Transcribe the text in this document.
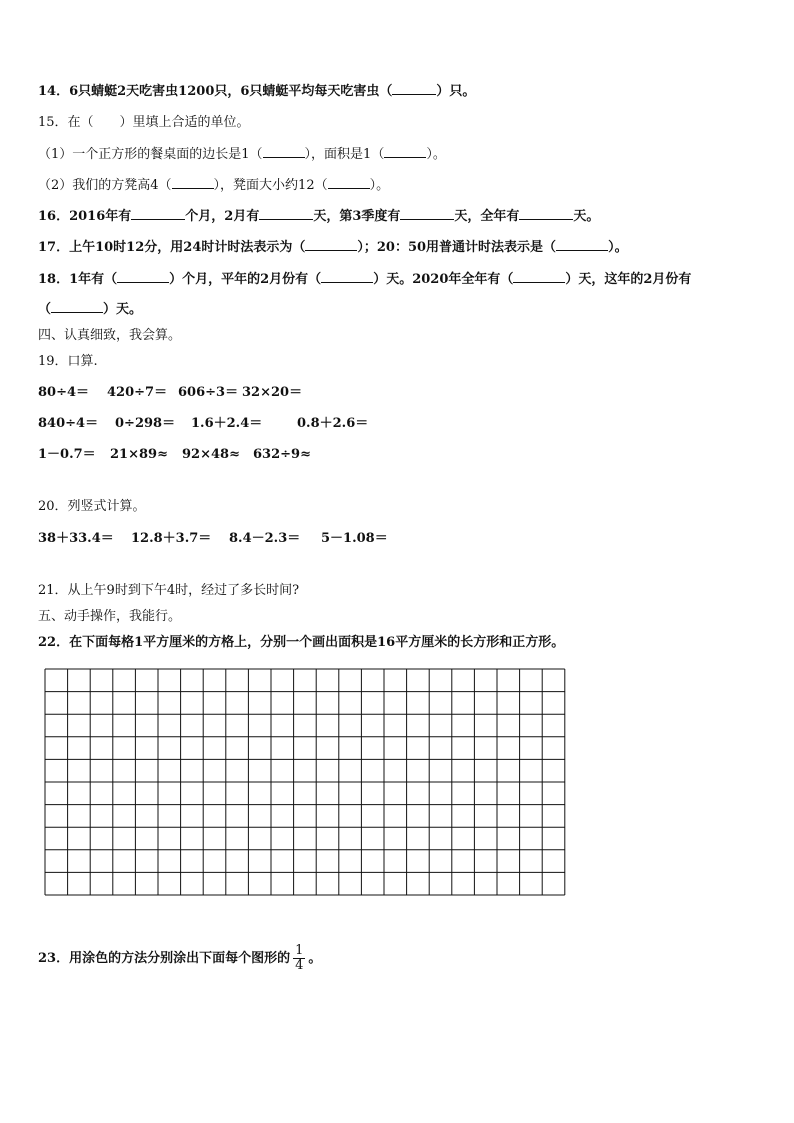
14．6只蜻蜓2天吃害虫1200只，6只蜻蜓平均每天吃害虫（	）只。
15．在（　　）里填上合适的单位。
（1）一个正方形的餐桌面的边长是1（	），面积是1（	）。
（2）我们的方凳高4（	），凳面大小约12（	）。
16．2016年有	个月，2月有	天，第3季度有	天，全年有	天。
17．上午10时12分，用24时计时法表示为（	）；20：50用普通计时法表示是（	）。
18．1年有（	）个月，平年的2月份有（	）天。2020年全年有（	）天，这年的2月份有
（	）天。
四、认真细致，我会算。
19．口算.
80÷4＝ 420÷7＝ 606÷3＝ 32×20＝
840÷4＝ 0÷298＝ 1.6＋2.4＝	0.8＋2.6＝
1－0.7＝ 21×89≈ 92×48≈ 632÷9≈
20．列竖式计算。
38＋33.4＝ 12.8＋3.7＝ 8.4－2.3＝ 5－1.08＝
21．从上午9时到下午4时，经过了多长时间?
五、动手操作，我能行。
22．在下面每格1平方厘米的方格上，分别一个画出面积是16平方厘米的长方形和正方形。
23．用涂色的方法分别涂出下面每个图形的 $\frac{1}{4}$ 。
